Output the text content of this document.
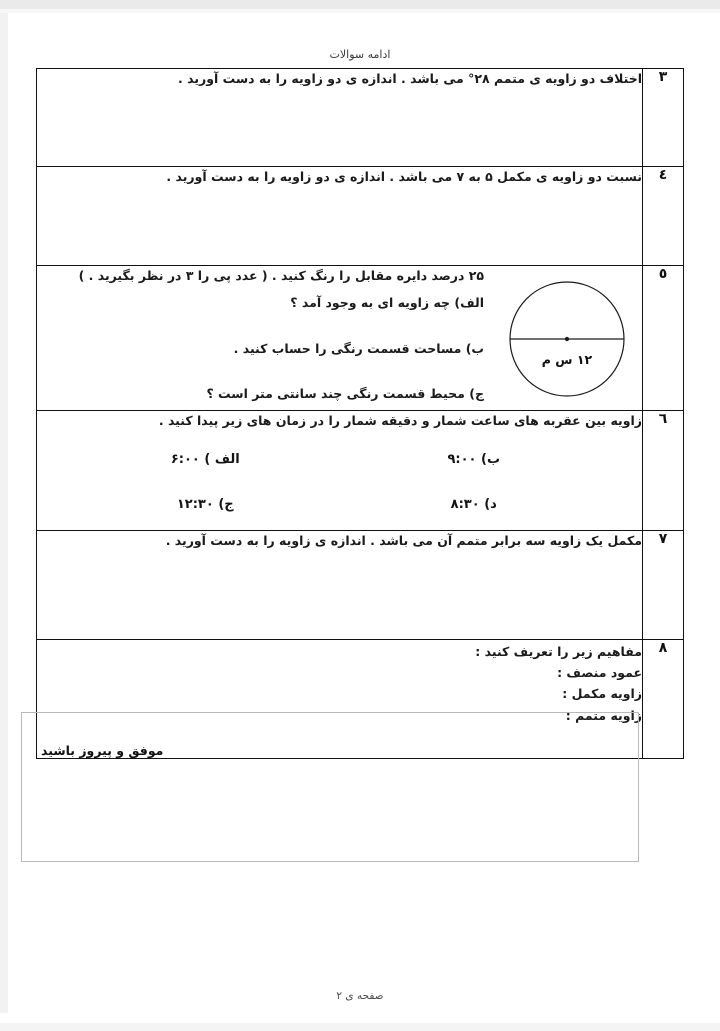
ادامه سوالات
۳	اختلاف دو زاویه ی متمم ۲۸° می باشد . اندازه ی دو زاویه را به دست آورید .

٤	نسبت دو زاویه ی مکمل ۵ به ۷ می باشد . اندازه ی دو زاویه را به دست آورید .

٥	۲۵ درصد دایره مقابل را رنگ کنید . ( عدد پی را ۳ در نظر بگیرید . )
الف) چه زاویه ای به وجود آمد ؟
ب) مساحت قسمت رنگی را حساب کنید .
ج) محیط قسمت رنگی چند سانتی متر است ؟
۱۲ س م

٦	زاویه بین عقربه های ساعت شمار و دقیقه شمار را در زمان های زیر پیدا کنید .
ب) ۹:۰۰
الف ) ۶:۰۰
د) ۸:۳۰
ج) ۱۲:۳۰

٧	مکمل یک زاویه سه برابر متمم آن می باشد . اندازه ی زاویه را به دست آورید .

٨	مفاهیم زیر را تعریف کنید :
عمود منصف :
زاویه مکمل :
زاویه متمم :
موفق و پیروز باشید
صفحه ی ۲
